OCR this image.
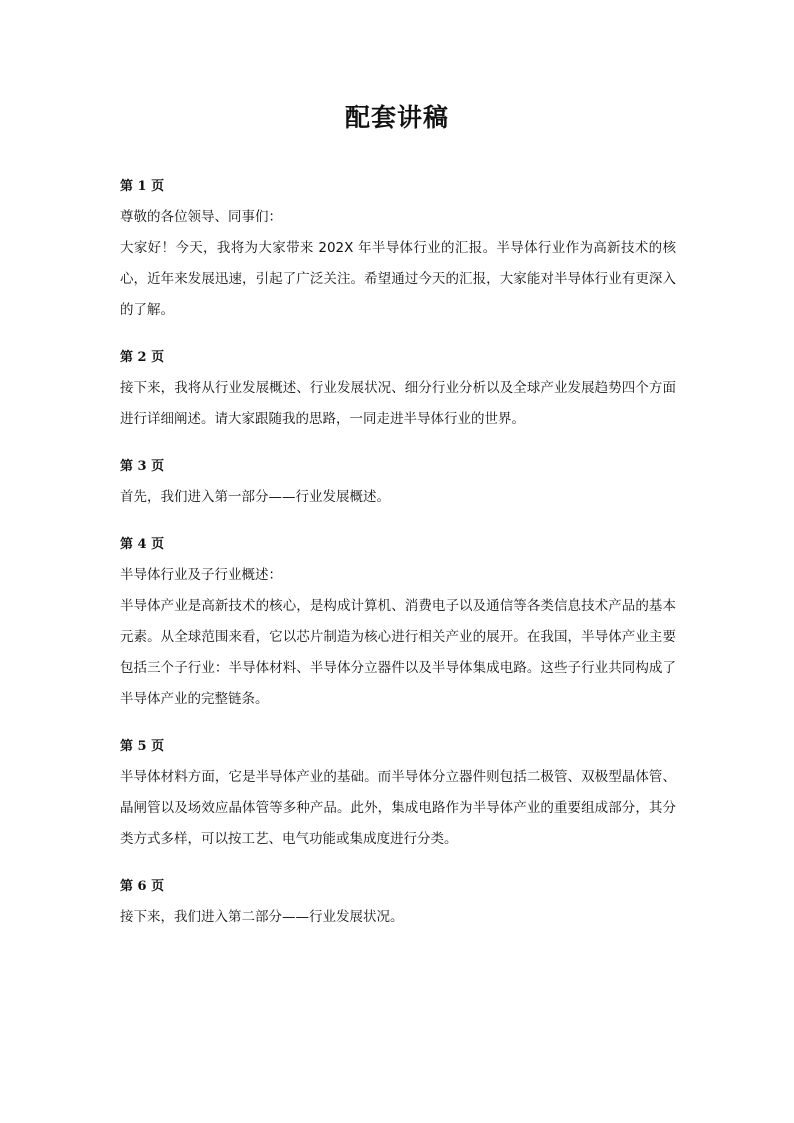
配套讲稿

第 1 页

尊敬的各位领导、同事们：

大家好！今天，我将为大家带来 202X 年半导体行业的汇报。半导体行业作为高新技术的核心，近年来发展迅速，引起了广泛关注。希望通过今天的汇报，大家能对半导体行业有更深入的了解。

第 2 页

接下来，我将从行业发展概述、行业发展状况、细分行业分析以及全球产业发展趋势四个方面进行详细阐述。请大家跟随我的思路，一同走进半导体行业的世界。

第 3 页

首先，我们进入第一部分——行业发展概述。

第 4 页

半导体行业及子行业概述：

半导体产业是高新技术的核心，是构成计算机、消费电子以及通信等各类信息技术产品的基本元素。从全球范围来看，它以芯片制造为核心进行相关产业的展开。在我国，半导体产业主要包括三个子行业：半导体材料、半导体分立器件以及半导体集成电路。这些子行业共同构成了半导体产业的完整链条。

第 5 页

半导体材料方面，它是半导体产业的基础。而半导体分立器件则包括二极管、双极型晶体管、晶闸管以及场效应晶体管等多种产品。此外，集成电路作为半导体产业的重要组成部分，其分类方式多样，可以按工艺、电气功能或集成度进行分类。

第 6 页

接下来，我们进入第二部分——行业发展状况。
